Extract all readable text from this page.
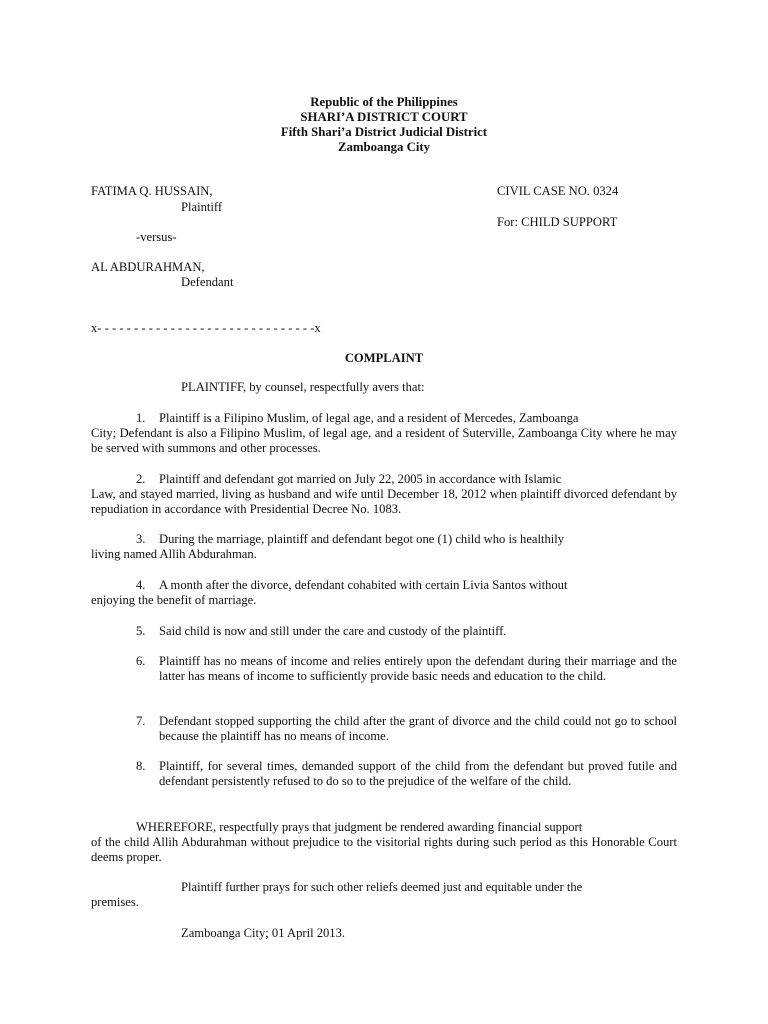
Republic of the Philippines
SHARI’A DISTRICT COURT
Fifth Shari’a District Judicial District
Zamboanga City
FATIMA Q. HUSSAIN,
Plaintiff
-versus-
AL ABDURAHMAN,
Defendant
CIVIL CASE NO. 0324
For: CHILD SUPPORT
x- - - - - - - - - - - - - - - - - - - - - - - - - - - - - -x
COMPLAINT
PLAINTIFF, by counsel, respectfully avers that:
1. Plaintiff is a Filipino Muslim, of legal age, and a resident of Mercedes, Zamboanga
City; Defendant is also a Filipino Muslim, of legal age, and a resident of Suterville, Zamboanga City where he may be served with summons and other processes.
2. Plaintiff and defendant got married on July 22, 2005 in accordance with Islamic
Law, and stayed married, living as husband and wife until December 18, 2012 when plaintiff divorced defendant by repudiation in accordance with Presidential Decree No. 1083.
3. During the marriage, plaintiff and defendant begot one (1) child who is healthily
living named Allih Abdurahman.
4. A month after the divorce, defendant cohabited with certain Livia Santos without
enjoying the benefit of marriage.
5. Said child is now and still under the care and custody of the plaintiff.
6. Plaintiff has no means of income and relies entirely upon the defendant during their marriage and the latter has means of income to sufficiently provide basic needs and education to the child.
7. Defendant stopped supporting the child after the grant of divorce and the child could not go to school because the plaintiff has no means of income.
8. Plaintiff, for several times, demanded support of the child from the defendant but proved futile and defendant persistently refused to do so to the prejudice of the welfare of the child.
WHEREFORE, respectfully prays that judgment be rendered awarding financial support
of the child Allih Abdurahman without prejudice to the visitorial rights during such period as this Honorable Court deems proper.
Plaintiff further prays for such other reliefs deemed just and equitable under the
premises.
Zamboanga City; 01 April 2013.
